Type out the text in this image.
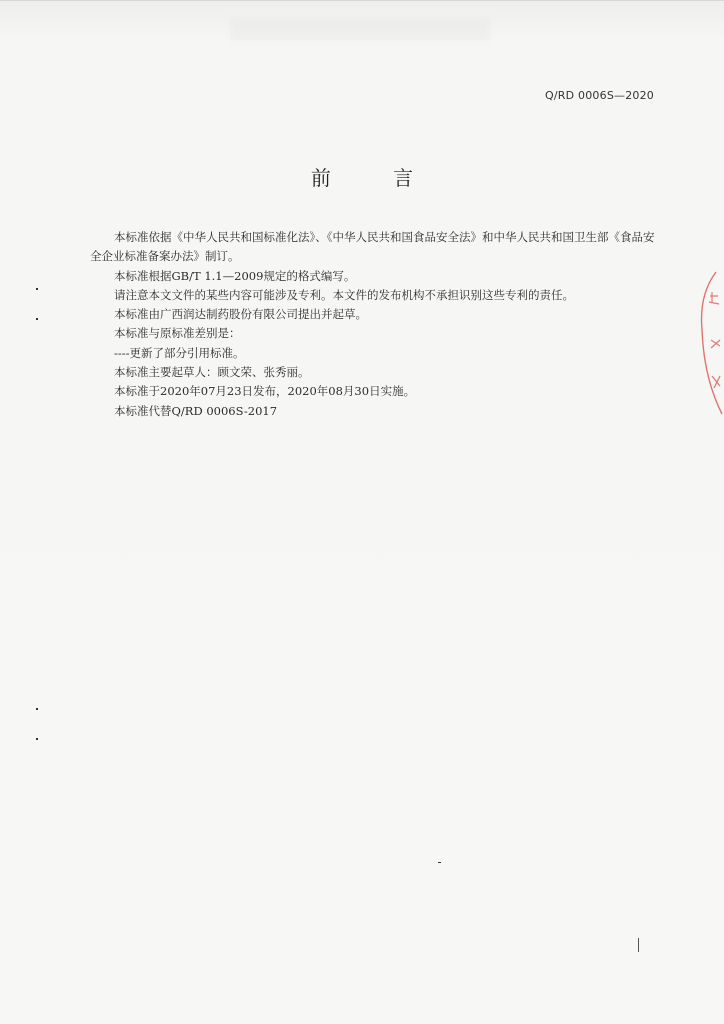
Q/RD 0006S—2020
前 言

本标准依据《中华人民共和国标准化法》、《中华人民共和国食品安全法》和中华人民共和国卫生部《食品安全企业标准备案办法》制订。

本标准根据GB/T 1.1—2009规定的格式编写。

请注意本文文件的某些内容可能涉及专利。本文件的发布机构不承担识别这些专利的责任。

本标准由广西润达制药股份有限公司提出并起草。

本标准与原标准差别是：

----更新了部分引用标准。

本标准主要起草人：顾文荣、张秀丽。

本标准于2020年07月23日发布，2020年08月30日实施。

本标准代替Q/RD 0006S-2017
